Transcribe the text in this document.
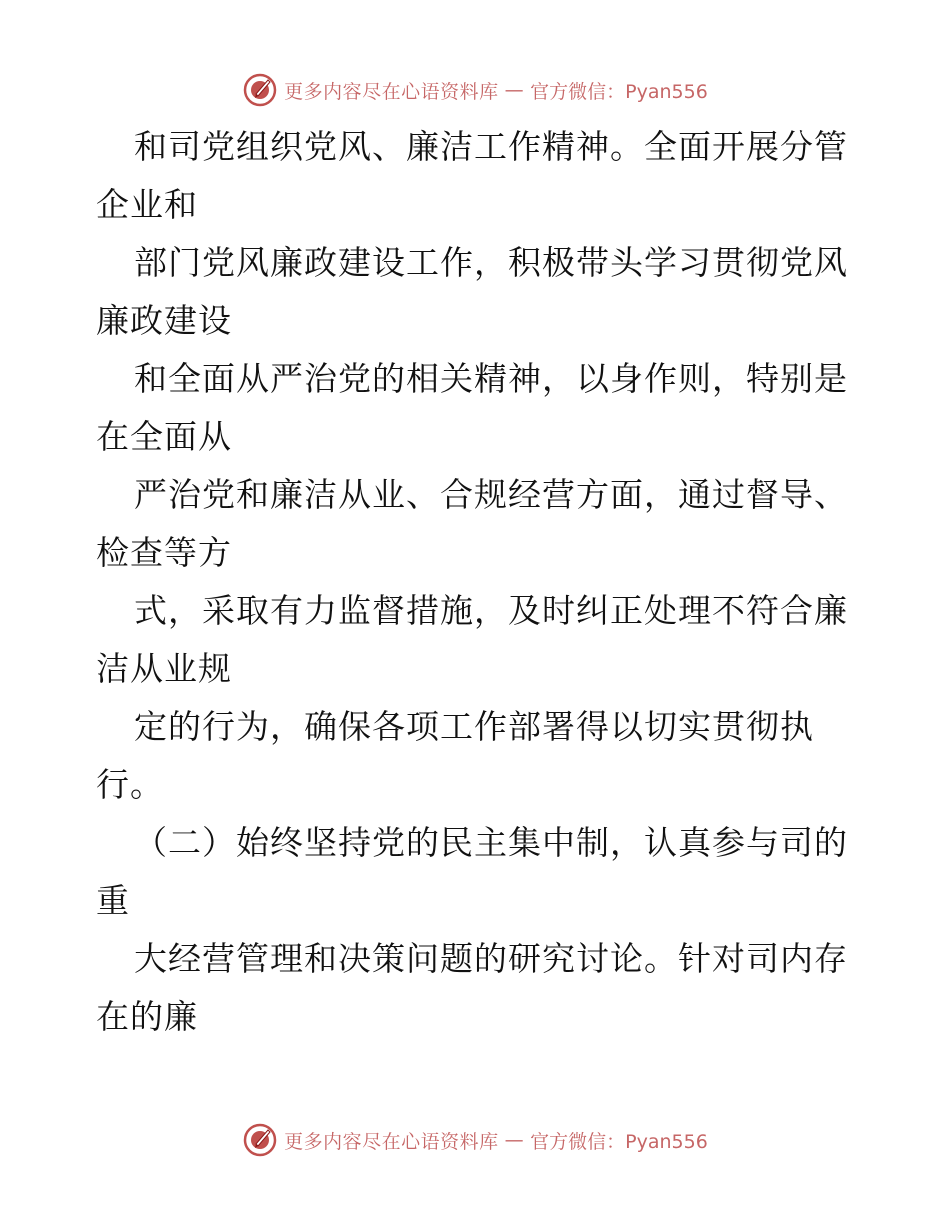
更多内容尽在心语资料库 — 官方微信：Pyan556
和司党组织党风、廉洁工作精神。全面开展分管
企业和
部门党风廉政建设工作，积极带头学习贯彻党风
廉政建设
和全面从严治党的相关精神，以身作则，特别是
在全面从
严治党和廉洁从业、合规经营方面，通过督导、
检查等方
式，采取有力监督措施，及时纠正处理不符合廉
洁从业规
定的行为，确保各项工作部署得以切实贯彻执
行。
（二）始终坚持党的民主集中制，认真参与司的
重
大经营管理和决策问题的研究讨论。针对司内存
在的廉
更多内容尽在心语资料库 — 官方微信：Pyan556
